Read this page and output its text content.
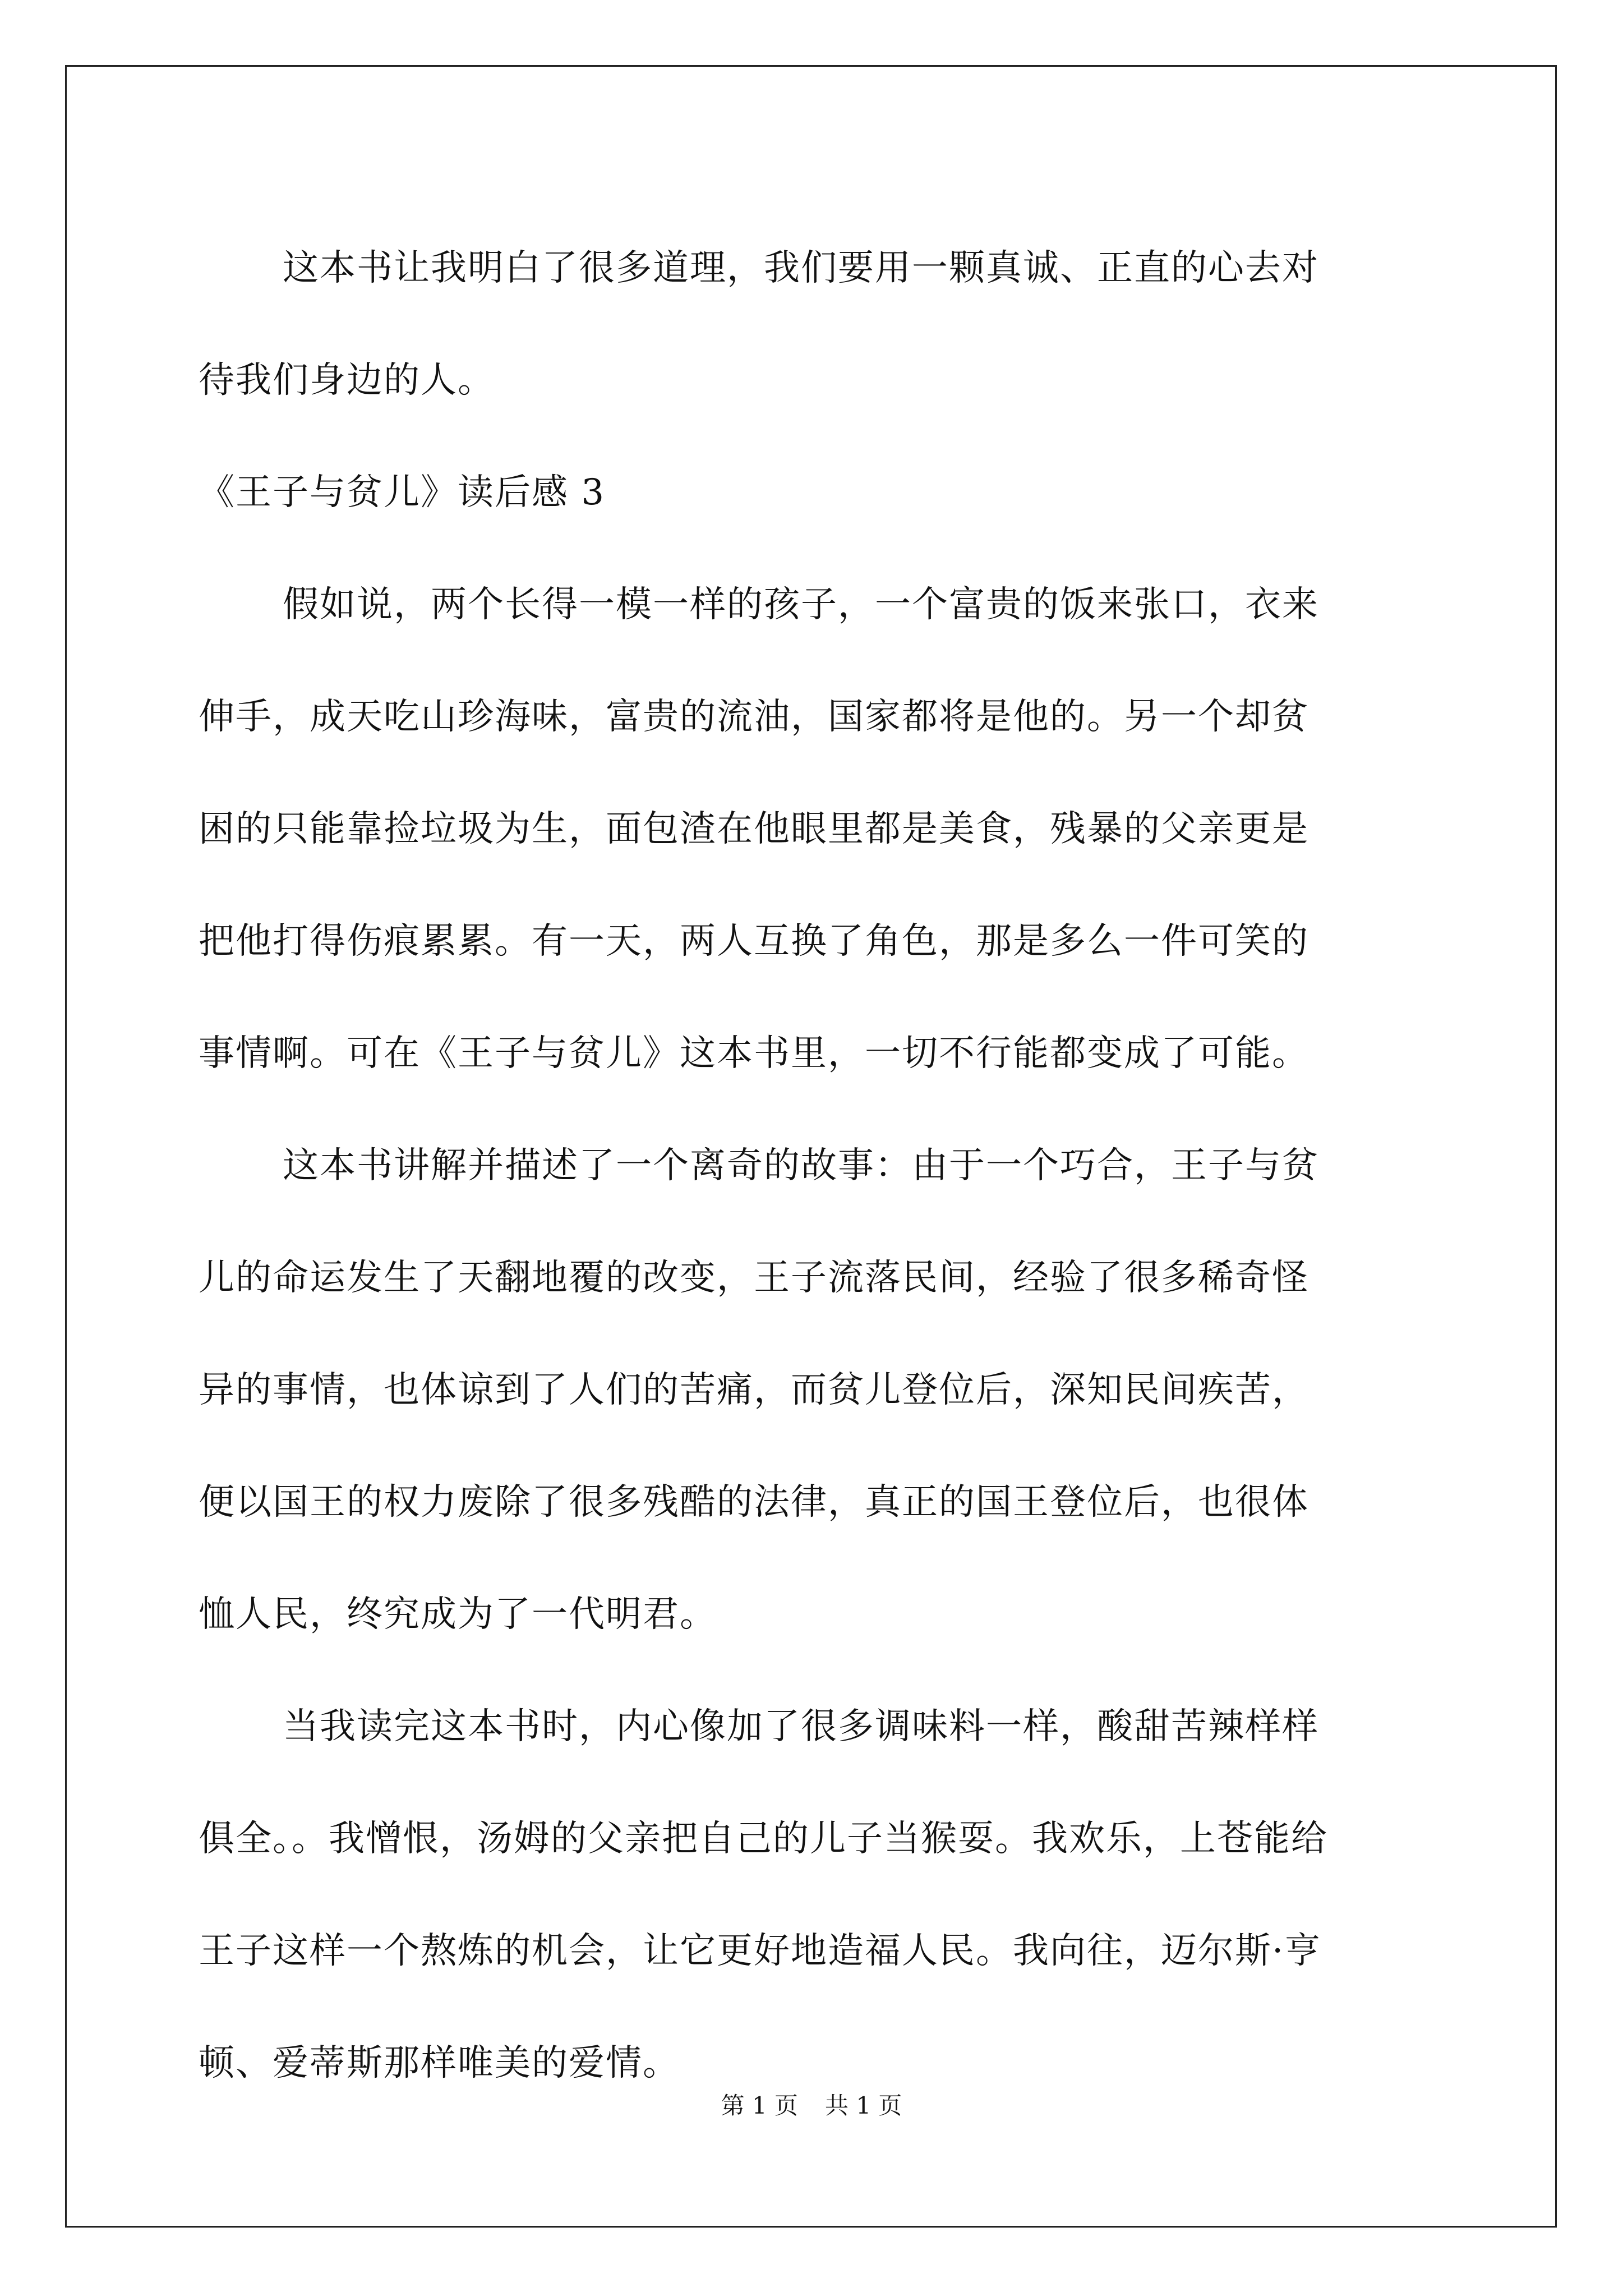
这本书让我明白了很多道理，我们要用一颗真诚、正直的心去对
待我们身边的人。
《王子与贫儿》读后感 3
假如说，两个长得一模一样的孩子，一个富贵的饭来张口，衣来
伸手，成天吃山珍海味，富贵的流油，国家都将是他的。另一个却贫
困的只能靠捡垃圾为生，面包渣在他眼里都是美食，残暴的父亲更是
把他打得伤痕累累。有一天，两人互换了角色，那是多么一件可笑的
事情啊。可在《王子与贫儿》这本书里，一切不行能都变成了可能。
这本书讲解并描述了一个离奇的故事：由于一个巧合，王子与贫
儿的命运发生了天翻地覆的改变，王子流落民间，经验了很多稀奇怪
异的事情，也体谅到了人们的苦痛，而贫儿登位后，深知民间疾苦，
便以国王的权力废除了很多残酷的法律，真正的国王登位后，也很体
恤人民，终究成为了一代明君。
当我读完这本书时，内心像加了很多调味料一样，酸甜苦辣样样
俱全。。我憎恨，汤姆的父亲把自己的儿子当猴耍。我欢乐，上苍能给
王子这样一个熬炼的机会，让它更好地造福人民。我向往，迈尔斯·亨
顿、爱蒂斯那样唯美的爱情。
第 1 页 共 1 页
